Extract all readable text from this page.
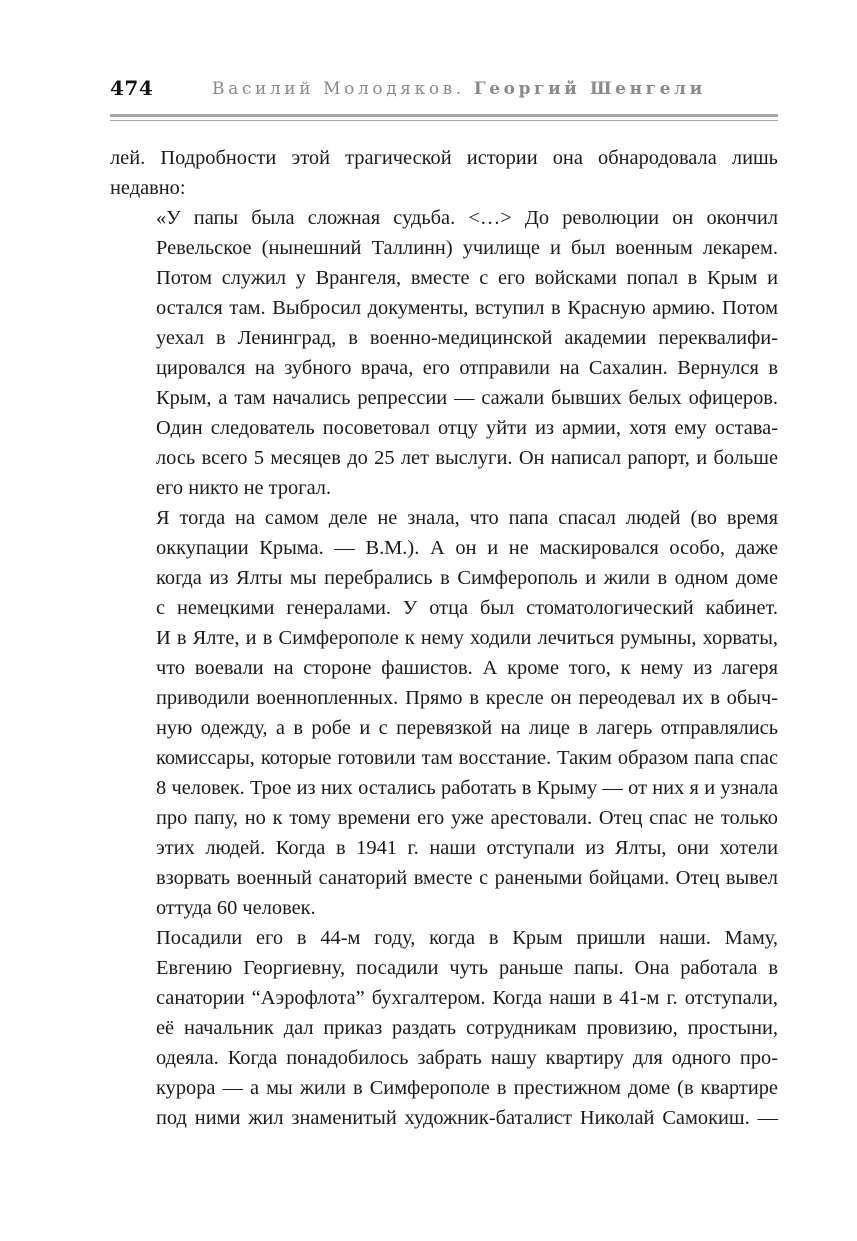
474	Василий Молодяков. Георгий Шенгели

лей. Подробности этой трагической истории она обнародовала лишь
недавно:

«У папы была сложная судьба. <…> До революции он окончил
Ревельское (нынешний Таллинн) училище и был военным лекарем.
Потом служил у Врангеля, вместе с его войсками попал в Крым и
остался там. Выбросил документы, вступил в Красную армию. Потом
уехал в Ленинград, в военно-медицинской академии переквалифи-
цировался на зубного врача, его отправили на Сахалин. Вернулся в
Крым, а там начались репрессии — сажали бывших белых офицеров.
Один следователь посоветовал отцу уйти из армии, хотя ему остава-
лось всего 5 месяцев до 25 лет выслуги. Он написал рапорт, и больше
его никто не трогал.

Я тогда на самом деле не знала, что папа спасал людей (во время
оккупации Крыма. — В.М.). А он и не маскировался особо, даже
когда из Ялты мы перебрались в Симферополь и жили в одном доме
с немецкими генералами. У отца был стоматологический кабинет.
И в Ялте, и в Симферополе к нему ходили лечиться румыны, хорваты,
что воевали на стороне фашистов. А кроме того, к нему из лагеря
приводили военнопленных. Прямо в кресле он переодевал их в обыч-
ную одежду, а в робе и с перевязкой на лице в лагерь отправлялись
комиссары, которые готовили там восстание. Таким образом папа спас
8 человек. Трое из них остались работать в Крыму — от них я и узнала
про папу, но к тому времени его уже арестовали. Отец спас не только
этих людей. Когда в 1941 г. наши отступали из Ялты, они хотели
взорвать военный санаторий вместе с ранеными бойцами. Отец вывел
оттуда 60 человек.

Посадили его в 44-м году, когда в Крым пришли наши. Маму,
Евгению Георгиевну, посадили чуть раньше папы. Она работала в
санатории “Аэрофлота” бухгалтером. Когда наши в 41-м г. отступали,
её начальник дал приказ раздать сотрудникам провизию, простыни,
одеяла. Когда понадобилось забрать нашу квартиру для одного про-
курора — а мы жили в Симферополе в престижном доме (в квартире
под ними жил знаменитый художник-баталист Николай Самокиш. —
